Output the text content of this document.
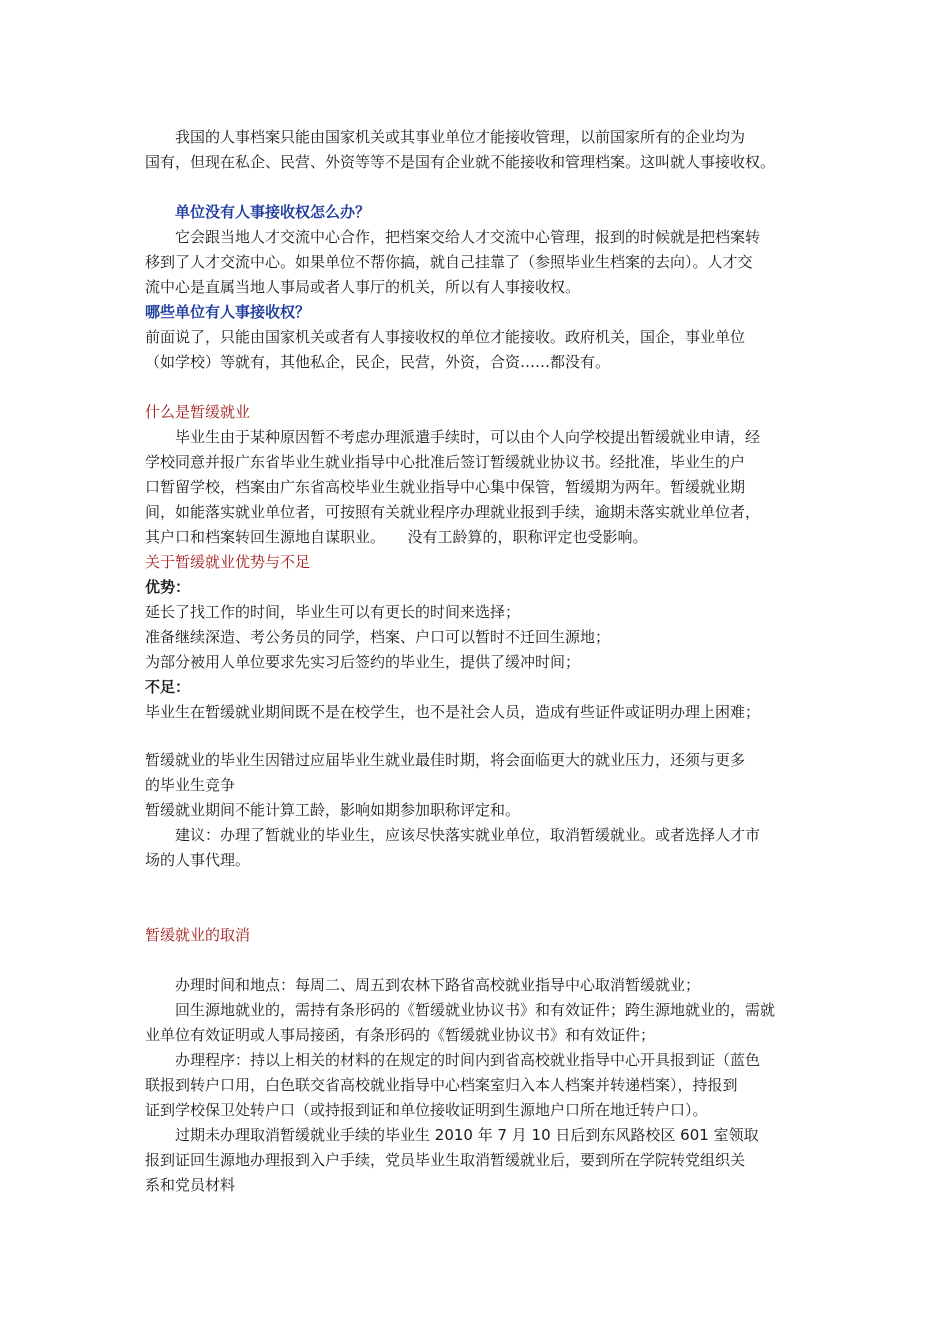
　　我国的人事档案只能由国家机关或其事业单位才能接收管理，以前国家所有的企业均为

国有，但现在私企、民营、外资等等不是国有企业就不能接收和管理档案。这叫就人事接收权。

　　单位没有人事接收权怎么办？

　　它会跟当地人才交流中心合作，把档案交给人才交流中心管理，报到的时候就是把档案转

移到了人才交流中心。如果单位不帮你搞，就自己挂靠了（参照毕业生档案的去向）。人才交

流中心是直属当地人事局或者人事厅的机关，所以有人事接收权。

哪些单位有人事接收权？

前面说了，只能由国家机关或者有人事接收权的单位才能接收。政府机关，国企，事业单位

（如学校）等就有，其他私企，民企，民营，外资，合资……都没有。

什么是暂缓就业

　　毕业生由于某种原因暂不考虑办理派遣手续时，可以由个人向学校提出暂缓就业申请，经

学校同意并报广东省毕业生就业指导中心批准后签订暂缓就业协议书。经批准，毕业生的户

口暂留学校，档案由广东省高校毕业生就业指导中心集中保管，暂缓期为两年。暂缓就业期

间，如能落实就业单位者，可按照有关就业程序办理就业报到手续，逾期未落实就业单位者，

其户口和档案转回生源地自谋职业。　　没有工龄算的，职称评定也受影响。

关于暂缓就业优势与不足

优势：

延长了找工作的时间，毕业生可以有更长的时间来选择；

准备继续深造、考公务员的同学，档案、户口可以暂时不迁回生源地；

为部分被用人单位要求先实习后签约的毕业生，提供了缓冲时间；

不足：

毕业生在暂缓就业期间既不是在校学生，也不是社会人员，造成有些证件或证明办理上困难；

暂缓就业的毕业生因错过应届毕业生就业最佳时期，将会面临更大的就业压力，还须与更多

的毕业生竞争

暂缓就业期间不能计算工龄，影响如期参加职称评定和。

　　建议：办理了暂就业的毕业生，应该尽快落实就业单位，取消暂缓就业。或者选择人才市

场的人事代理。

暂缓就业的取消

　　办理时间和地点：每周二、周五到农林下路省高校就业指导中心取消暂缓就业；

　　回生源地就业的，需持有条形码的《暂缓就业协议书》和有效证件；跨生源地就业的，需就

业单位有效证明或人事局接函，有条形码的《暂缓就业协议书》和有效证件；

　　办理程序：持以上相关的材料的在规定的时间内到省高校就业指导中心开具报到证（蓝色

联报到转户口用，白色联交省高校就业指导中心档案室归入本人档案并转递档案），持报到

证到学校保卫处转户口（或持报到证和单位接收证明到生源地户口所在地迁转户口）。

　　过期未办理取消暂缓就业手续的毕业生 2010 年 7 月 10 日后到东风路校区 601 室领取

报到证回生源地办理报到入户手续，党员毕业生取消暂缓就业后，要到所在学院转党组织关

系和党员材料
